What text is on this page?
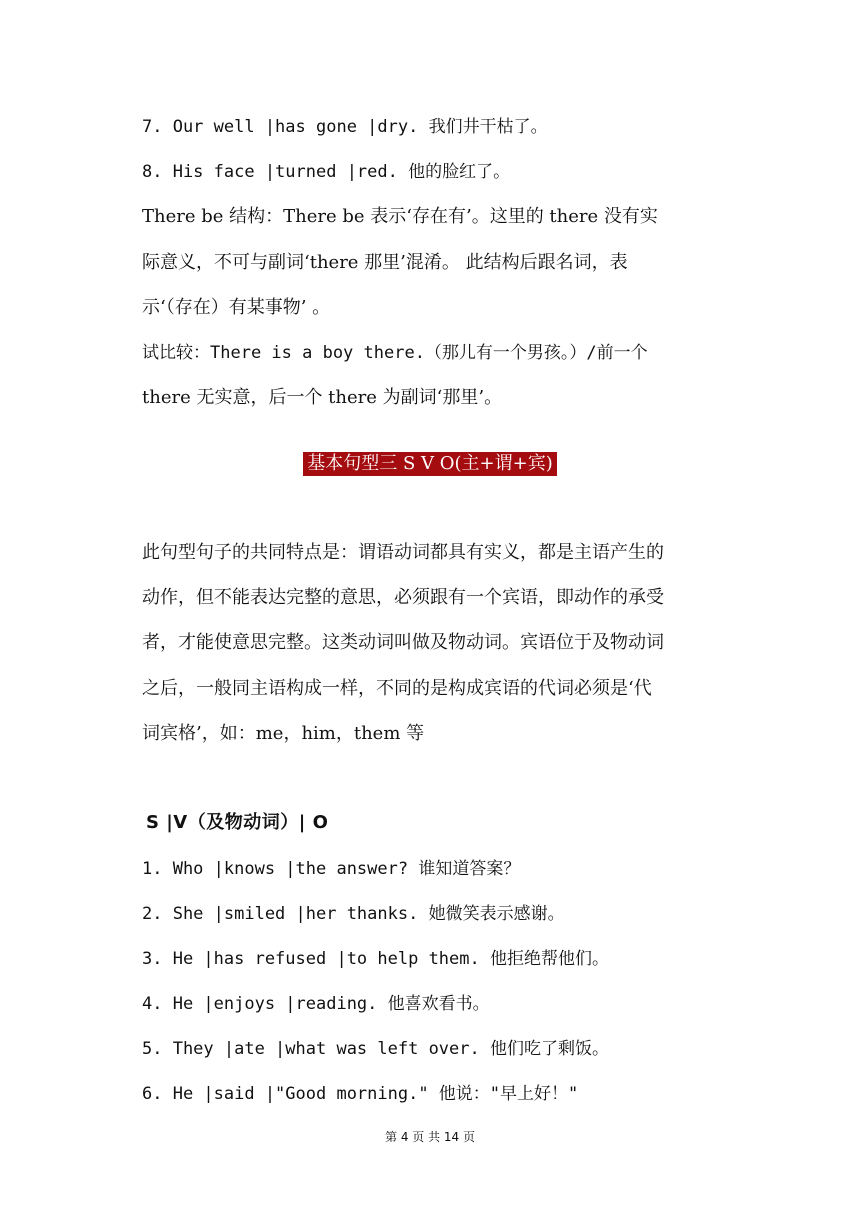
7. Our well |has gone |dry. 我们井干枯了。
8. His face |turned |red. 他的脸红了。
There be 结构：There be 表示‘存在有’。这里的 there 没有实
际意义，不可与副词‘there 那里’混淆。 此结构后跟名词，表
示‘（存在）有某事物’ 。
试比较：There is a boy there.（那儿有一个男孩。）/前一个
there 无实意，后一个 there 为副词‘那里’。
基本句型三 S V O(主+谓+宾)
此句型句子的共同特点是：谓语动词都具有实义，都是主语产生的
动作，但不能表达完整的意思，必须跟有一个宾语，即动作的承受
者，才能使意思完整。这类动词叫做及物动词。宾语位于及物动词
之后，一般同主语构成一样，不同的是构成宾语的代词必须是‘代
词宾格’，如：me，him，them 等
S |V（及物动词）| O
1. Who |knows |the answer? 谁知道答案？
2. She |smiled |her thanks. 她微笑表示感谢。
3. He |has refused |to help them. 他拒绝帮他们。
4. He |enjoys |reading. 他喜欢看书。
5. They |ate |what was left over. 他们吃了剩饭。
6. He |said |"Good morning." 他说："早上好！"
第 4 页 共 14 页
